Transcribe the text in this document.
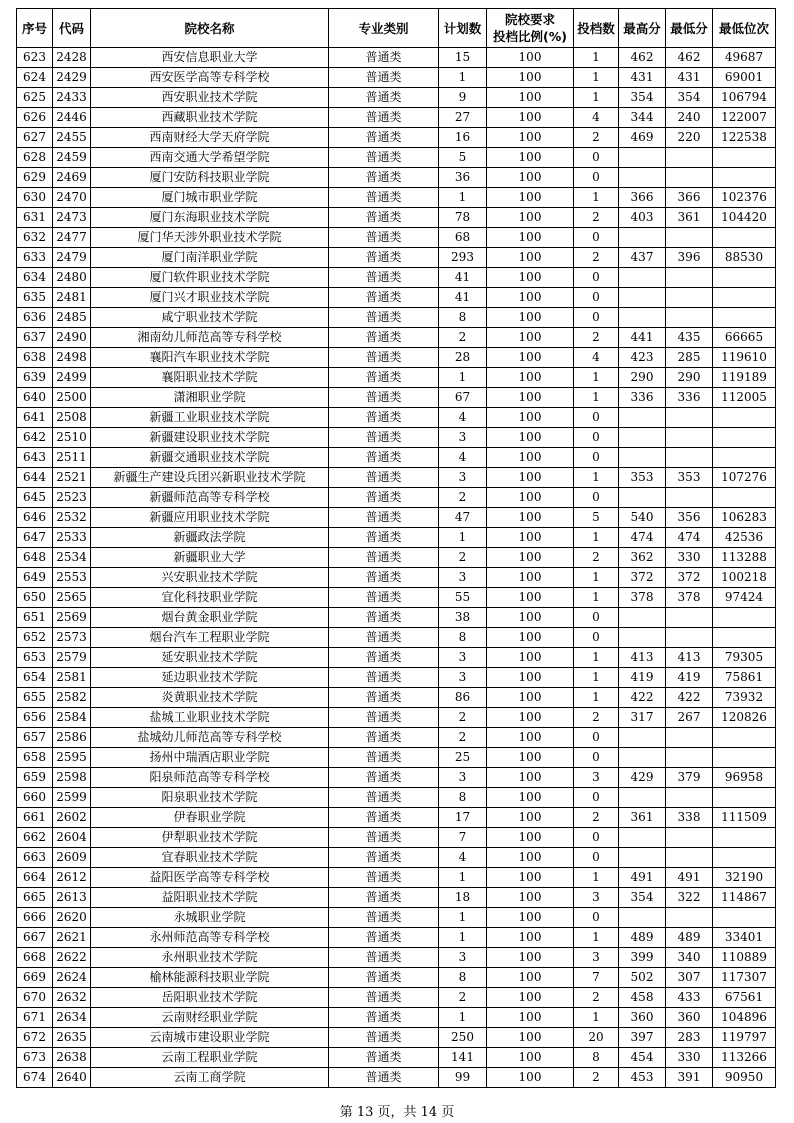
序号	代码	院校名称	专业类别	计划数	院校要求
投档比例(%)	投档数	最高分	最低分	最低位次
623	2428	西安信息职业大学	普通类	15	100	1	462	462	49687
624	2429	西安医学高等专科学校	普通类	1	100	1	431	431	69001
625	2433	西安职业技术学院	普通类	9	100	1	354	354	106794
626	2446	西藏职业技术学院	普通类	27	100	4	344	240	122007
627	2455	西南财经大学天府学院	普通类	16	100	2	469	220	122538
628	2459	西南交通大学希望学院	普通类	5	100	0			
629	2469	厦门安防科技职业学院	普通类	36	100	0			
630	2470	厦门城市职业学院	普通类	1	100	1	366	366	102376
631	2473	厦门东海职业技术学院	普通类	78	100	2	403	361	104420
632	2477	厦门华天涉外职业技术学院	普通类	68	100	0			
633	2479	厦门南洋职业学院	普通类	293	100	2	437	396	88530
634	2480	厦门软件职业技术学院	普通类	41	100	0			
635	2481	厦门兴才职业技术学院	普通类	41	100	0			
636	2485	咸宁职业技术学院	普通类	8	100	0			
637	2490	湘南幼儿师范高等专科学校	普通类	2	100	2	441	435	66665
638	2498	襄阳汽车职业技术学院	普通类	28	100	4	423	285	119610
639	2499	襄阳职业技术学院	普通类	1	100	1	290	290	119189
640	2500	潇湘职业学院	普通类	67	100	1	336	336	112005
641	2508	新疆工业职业技术学院	普通类	4	100	0			
642	2510	新疆建设职业技术学院	普通类	3	100	0			
643	2511	新疆交通职业技术学院	普通类	4	100	0			
644	2521	新疆生产建设兵团兴新职业技术学院	普通类	3	100	1	353	353	107276
645	2523	新疆师范高等专科学校	普通类	2	100	0			
646	2532	新疆应用职业技术学院	普通类	47	100	5	540	356	106283
647	2533	新疆政法学院	普通类	1	100	1	474	474	42536
648	2534	新疆职业大学	普通类	2	100	2	362	330	113288
649	2553	兴安职业技术学院	普通类	3	100	1	372	372	100218
650	2565	宜化科技职业学院	普通类	55	100	1	378	378	97424
651	2569	烟台黄金职业学院	普通类	38	100	0			
652	2573	烟台汽车工程职业学院	普通类	8	100	0			
653	2579	延安职业技术学院	普通类	3	100	1	413	413	79305
654	2581	延边职业技术学院	普通类	3	100	1	419	419	75861
655	2582	炎黄职业技术学院	普通类	86	100	1	422	422	73932
656	2584	盐城工业职业技术学院	普通类	2	100	2	317	267	120826
657	2586	盐城幼儿师范高等专科学校	普通类	2	100	0			
658	2595	扬州中瑞酒店职业学院	普通类	25	100	0			
659	2598	阳泉师范高等专科学校	普通类	3	100	3	429	379	96958
660	2599	阳泉职业技术学院	普通类	8	100	0			
661	2602	伊春职业学院	普通类	17	100	2	361	338	111509
662	2604	伊犁职业技术学院	普通类	7	100	0			
663	2609	宜春职业技术学院	普通类	4	100	0			
664	2612	益阳医学高等专科学校	普通类	1	100	1	491	491	32190
665	2613	益阳职业技术学院	普通类	18	100	3	354	322	114867
666	2620	永城职业学院	普通类	1	100	0			
667	2621	永州师范高等专科学校	普通类	1	100	1	489	489	33401
668	2622	永州职业技术学院	普通类	3	100	3	399	340	110889
669	2624	榆林能源科技职业学院	普通类	8	100	7	502	307	117307
670	2632	岳阳职业技术学院	普通类	2	100	2	458	433	67561
671	2634	云南财经职业学院	普通类	1	100	1	360	360	104896
672	2635	云南城市建设职业学院	普通类	250	100	20	397	283	119797
673	2638	云南工程职业学院	普通类	141	100	8	454	330	113266
674	2640	云南工商学院	普通类	99	100	2	453	391	90950
第 13 页，共 14 页
